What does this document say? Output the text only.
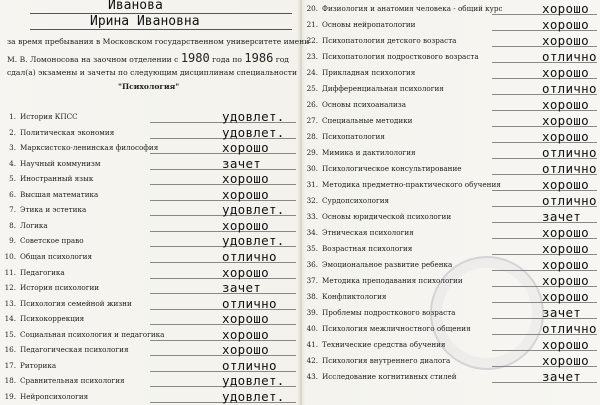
Иванова
Ирина Ивановна
за время пребывания в Московском государственном университете имени
М. В. Ломоносова на заочном отделении с 1980 года по 1986 год
сдал(а) экзамены и зачеты по следующим дисциплинам специальности
"Психология"
1. История КПСС	удовлет.
2. Политическая экономия	удовлет.
3. Марксистско-ленинская философия	хорошо
4. Научный коммунизм	зачет
5. Иностранный язык	хорошо
6. Высшая математика	хорошо
7. Этика и эстетика	удовлет.
8. Логика	хорошо
9. Советское право	удовлет.
10. Общая психология	отлично
11. Педагогика	хорошо
12. История психологии	зачет
13. Психология семейной жизни	отлично
14. Психокоррекция	хорошо
15. Социальная психология и педагогика	хорошо
16. Педагогическая психология	хорошо
17. Риторика	отлично
18. Сравнительная психология	удовлет.
19. Нейропсихология	удовлет.
20. Физиология и анатомия человека - общий курс	хорошо
21. Основы нейропатологии	хорошо
22. Психопатология детского возраста	хорошо
23. Психопатология подросткового возраста	отлично
24. Прикладная психология	хорошо
25. Дифференциальная психология	отлично
26. Основы психоанализа	хорошо
27. Специальные методики	хорошо
28. Психопатология	хорошо
29. Мимика и дактилология	отлично
30. Психологическое консультирование	отлично
31. Методика предметно-практического обучения	хорошо
32. Сурдопсихология	отлично
33. Основы юридической психологии	зачет
34. Этническая психология	хорошо
35. Возрастная психология	хорошо
36. Эмоциональное развитие ребенка	хорошо
37. Методика преподавания психологии	хорошо
38. Конфликтология	хорошо
39. Проблемы подросткового возраста	зачет
40. Психология межличностного общения	отлично
41. Технические средства обучения	хорошо
42. Психология внутреннего диалога	хорошо
43. Исследование когнитивных стилей	зачет
